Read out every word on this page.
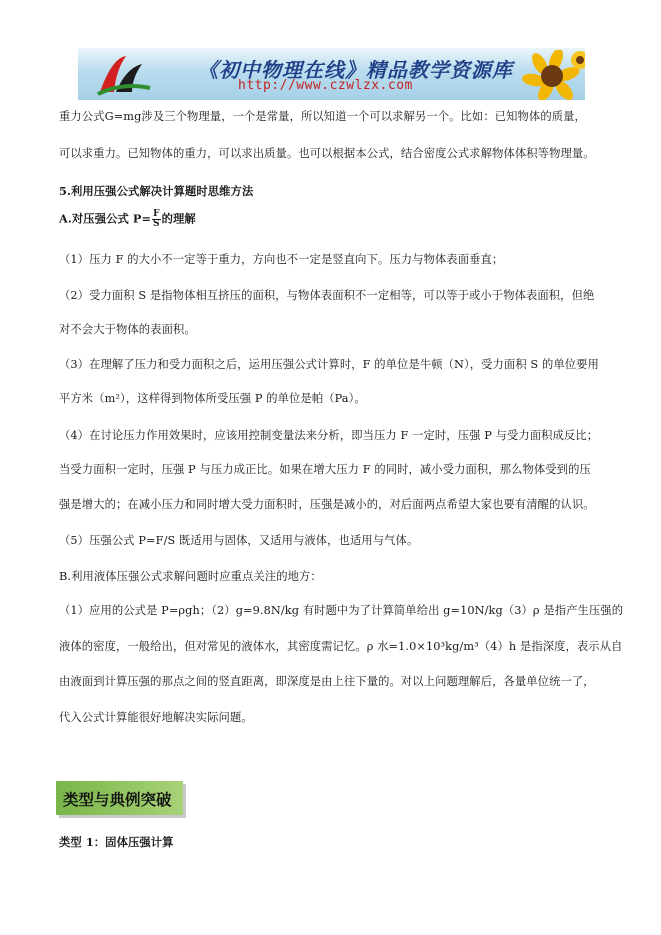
《初中物理在线》精品教学资源库
http://www.czwlzx.com
重力公式G=mg涉及三个物理量，一个是常量，所以知道一个可以求解另一个。比如：已知物体的质量，
可以求重力。已知物体的重力，可以求出质量。也可以根据本公式，结合密度公式求解物体体积等物理量。
5.利用压强公式解决计算题时思维方法
A.对压强公式 $P= \frac{F}{S}$ 的理解
（1）压力 F 的大小不一定等于重力，方向也不一定是竖直向下。压力与物体表面垂直；
（2）受力面积 S 是指物体相互挤压的面积，与物体表面积不一定相等，可以等于或小于物体表面积，但绝
对不会大于物体的表面积。
（3）在理解了压力和受力面积之后，运用压强公式计算时，F 的单位是牛顿（N），受力面积 S 的单位要用
平方米（m²），这样得到物体所受压强 P 的单位是帕（Pa）。
（4）在讨论压力作用效果时，应该用控制变量法来分析，即当压力 F 一定时，压强 P 与受力面积成反比；
当受力面积一定时，压强 P 与压力成正比。如果在增大压力 F 的同时，减小受力面积，那么物体受到的压
强是增大的；在减小压力和同时增大受力面积时，压强是减小的，对后面两点希望大家也要有清醒的认识。
（5）压强公式 P=F/S 既适用与固体，又适用与液体，也适用与气体。
B.利用液体压强公式求解问题时应重点关注的地方：
（1）应用的公式是 P=ρgh；（2）g=9.8N/kg 有时题中为了计算简单给出 g=10N/kg（3）ρ 是指产生压强的
液体的密度，一般给出，但对常见的液体水，其密度需记忆。ρ 水=1.0×10³kg/m³（4）h 是指深度，表示从自
由液面到计算压强的那点之间的竖直距离，即深度是由上往下量的。对以上问题理解后，各量单位统一了，
代入公式计算能很好地解决实际问题。
类型与典例突破
类型 1：固体压强计算
